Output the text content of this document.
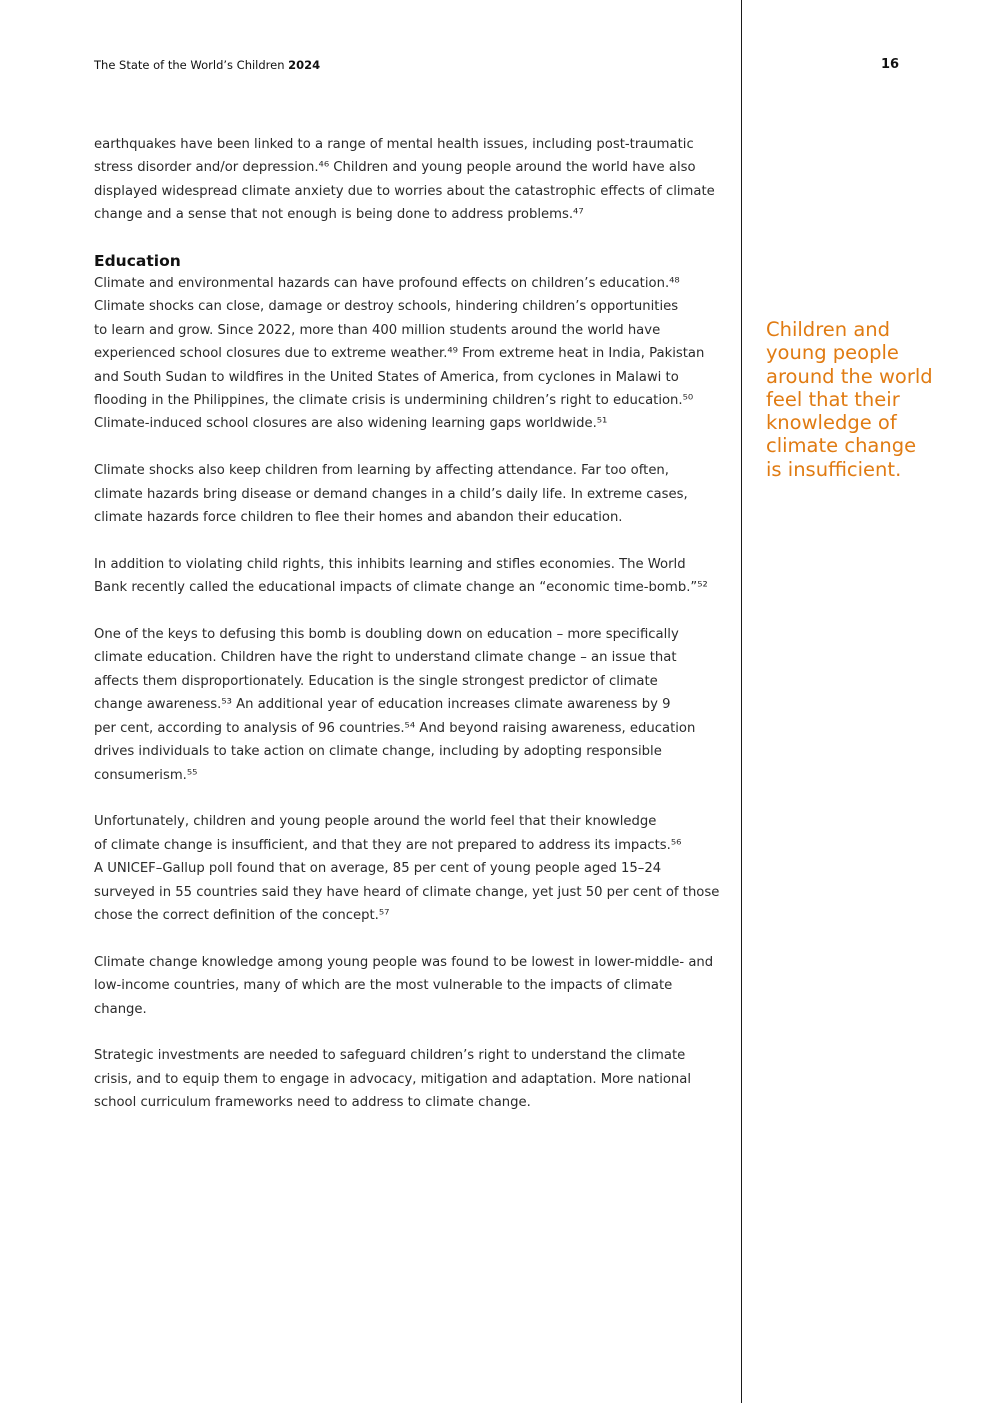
The State of the World’s Children 2024	16

earthquakes have been linked to a range of mental health issues, including post-traumatic
stress disorder and/or depression.⁴⁶ Children and young people around the world have also
displayed widespread climate anxiety due to worries about the catastrophic effects of climate
change and a sense that not enough is being done to address problems.⁴⁷

Education

Climate and environmental hazards can have profound effects on children’s education.⁴⁸
Climate shocks can close, damage or destroy schools, hindering children’s opportunities
to learn and grow. Since 2022, more than 400 million students around the world have
experienced school closures due to extreme weather.⁴⁹ From extreme heat in India, Pakistan
and South Sudan to wildfires in the United States of America, from cyclones in Malawi to
flooding in the Philippines, the climate crisis is undermining children’s right to education.⁵⁰
Climate-induced school closures are also widening learning gaps worldwide.⁵¹

Climate shocks also keep children from learning by affecting attendance. Far too often,
climate hazards bring disease or demand changes in a child’s daily life. In extreme cases,
climate hazards force children to flee their homes and abandon their education.

In addition to violating child rights, this inhibits learning and stifles economies. The World
Bank recently called the educational impacts of climate change an “economic time-bomb.”⁵²

One of the keys to defusing this bomb is doubling down on education – more specifically
climate education. Children have the right to understand climate change – an issue that
affects them disproportionately. Education is the single strongest predictor of climate
change awareness.⁵³ An additional year of education increases climate awareness by 9
per cent, according to analysis of 96 countries.⁵⁴ And beyond raising awareness, education
drives individuals to take action on climate change, including by adopting responsible
consumerism.⁵⁵

Unfortunately, children and young people around the world feel that their knowledge
of climate change is insufficient, and that they are not prepared to address its impacts.⁵⁶
A UNICEF–Gallup poll found that on average, 85 per cent of young people aged 15–24
surveyed in 55 countries said they have heard of climate change, yet just 50 per cent of those
chose the correct definition of the concept.⁵⁷

Climate change knowledge among young people was found to be lowest in lower-middle- and
low-income countries, many of which are the most vulnerable to the impacts of climate change.

Strategic investments are needed to safeguard children’s right to understand the climate
crisis, and to equip them to engage in advocacy, mitigation and adaptation. More national
school curriculum frameworks need to address to climate change.

Children and
young people
around the world
feel that their
knowledge of
climate change
is insufficient.
